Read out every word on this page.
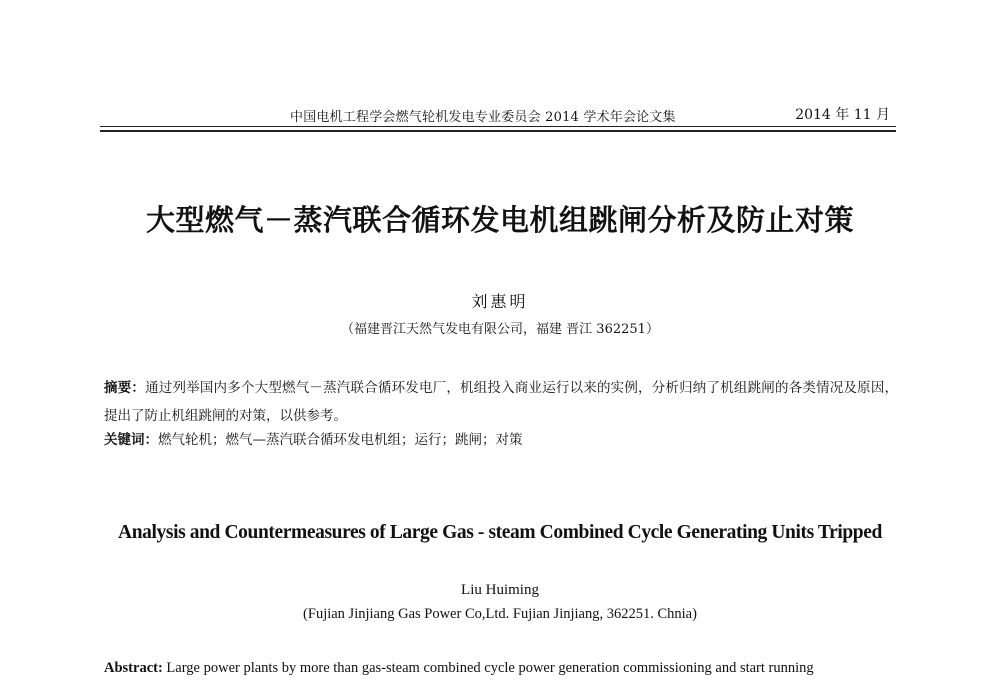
中国电机工程学会燃气轮机发电专业委员会 2014 学术年会论文集	2014 年 11 月
大型燃气－蒸汽联合循环发电机组跳闸分析及防止对策
刘惠明
（福建晋江天然气发电有限公司，福建 晋江 362251）
摘要：通过列举国内多个大型燃气－蒸汽联合循环发电厂，机组投入商业运行以来的实例，分析归纳了机组跳闸的各类情况及原因，提出了防止机组跳闸的对策，以供参考。
关键词：燃气轮机；燃气—蒸汽联合循环发电机组；运行；跳闸；对策
Analysis and Countermeasures of Large Gas - steam Combined Cycle Generating Units Tripped
Liu Huiming
(Fujian Jinjiang Gas Power Co,Ltd. Fujian Jinjiang, 362251. Chnia)
Abstract: Large power plants by more than gas-steam combined cycle power generation commissioning and start running
